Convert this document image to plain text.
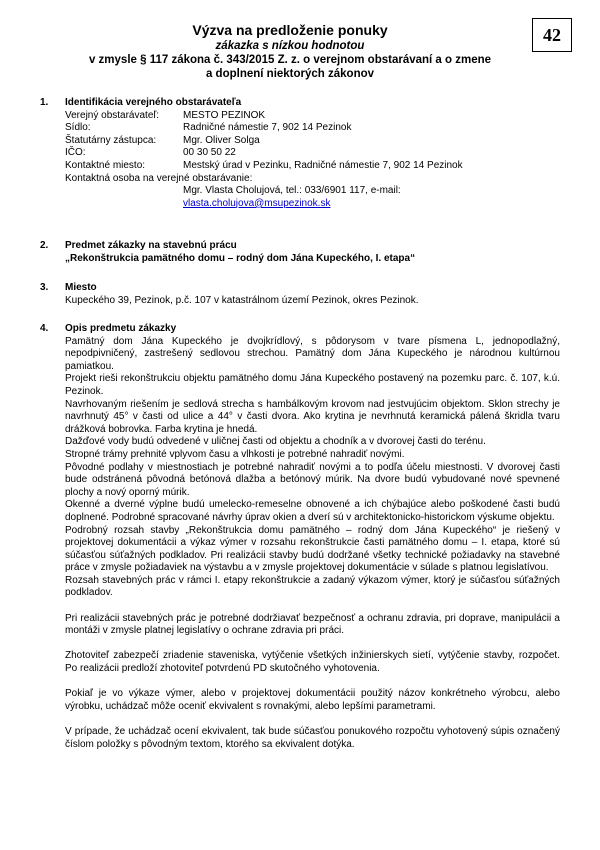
42
Výzva na predloženie ponuky
zákazka s nízkou hodnotou
v zmysle § 117 zákona č. 343/2015 Z. z. o verejnom obstarávaní a o zmene
a doplnení niektorých zákonov
1.	Identifikácia verejného obstarávateľa
Verejný obstarávateľ: MESTO PEZINOK
Sídlo:	Radničné námestie 7, 902 14 Pezinok
Štatutárny zástupca:	Mgr. Oliver Solga
IČO:	00 30 50 22
Kontaktné miesto:	Mestský úrad v Pezinku, Radničné námestie 7, 902 14 Pezinok
Kontaktná osoba na verejné obstarávanie:
Mgr. Vlasta Cholujová, tel.: 033/6901 117, e-mail:
vlasta.cholujova@msupezinok.sk
2.	Predmet zákazky na stavebnú prácu
„Rekonštrukcia pamätného domu – rodný dom Jána Kupeckého, I. etapa“
3.	Miesto
Kupeckého 39, Pezinok, p.č. 107 v katastrálnom území Pezinok, okres Pezinok.
4.	Opis predmetu zákazky
Pamätný dom Jána Kupeckého je dvojkrídlový, s pôdorysom v tvare písmena L, jednopodlažný, nepodpivničený, zastrešený sedlovou strechou. Pamätný dom Jána Kupeckého je národnou kultúrnou pamiatkou.
Projekt rieši rekonštrukciu objektu pamätného domu Jána Kupeckého postavený na pozemku parc. č. 107, k.ú. Pezinok.
Navrhovaným riešením je sedlová strecha s hambálkovým krovom nad jestvujúcim objektom. Sklon strechy je navrhnutý 45° v časti od ulice a 44° v časti dvora. Ako krytina je nevrhnutá keramická pálená škridla tvaru drážková bobrovka. Farba krytina je hnedá.
Dažďové vody budú odvedené v uličnej časti od objektu a chodník a v dvorovej časti do terénu.
Stropné trámy prehnité vplyvom času a vlhkosti je potrebné nahradiť novými.
Pôvodné podlahy v miestnostiach je potrebné nahradiť novými a to podľa účelu miestnosti. V dvorovej časti bude odstránená pôvodná betónová dlažba a betónový múrik. Na dvore budú vybudované nové spevnené plochy a nový oporný múrik.
Okenné a dverné výplne budú umelecko-remeselne obnovené a ich chýbajúce alebo poškodené časti budú doplnené. Podrobné spracované návrhy úprav okien a dverí sú v architektonicko-historickom výskume objektu.
Podrobný rozsah stavby „Rekonštrukcia domu pamätného – rodný dom Jána Kupeckého“ je riešený v projektovej dokumentácii a výkaz výmer v rozsahu rekonštrukcie časti pamätného domu – I. etapa, ktoré sú súčasťou súťažných podkladov. Pri realizácii stavby budú dodržané všetky technické požiadavky na stavebné práce v zmysle požiadaviek na výstavbu a v zmysle projektovej dokumentácie v súlade s platnou legislatívou.
Rozsah stavebných prác v rámci I. etapy rekonštrukcie a zadaný výkazom výmer, ktorý je súčasťou súťažných podkladov.
Pri realizácii stavebných prác je potrebné dodržiavať bezpečnosť a ochranu zdravia, pri doprave, manipulácii a montáži v zmysle platnej legislatívy o ochrane zdravia pri práci.
Zhotoviteľ zabezpečí zriadenie staveniska, vytýčenie všetkých inžinierskych sietí, vytýčenie stavby, rozpočet. Po realizácii predloží zhotoviteľ potvrdenú PD skutočného vyhotovenia.
Pokiaľ je vo výkaze výmer, alebo v projektovej dokumentácii použitý názov konkrétneho výrobcu, alebo výrobku, uchádzač môže oceniť ekvivalent s rovnakými, alebo lepšími parametrami.
V prípade, že uchádzač ocení ekvivalent, tak bude súčasťou ponukového rozpočtu vyhotovený súpis označený číslom položky s pôvodným textom, ktorého sa ekvivalent dotýka.
